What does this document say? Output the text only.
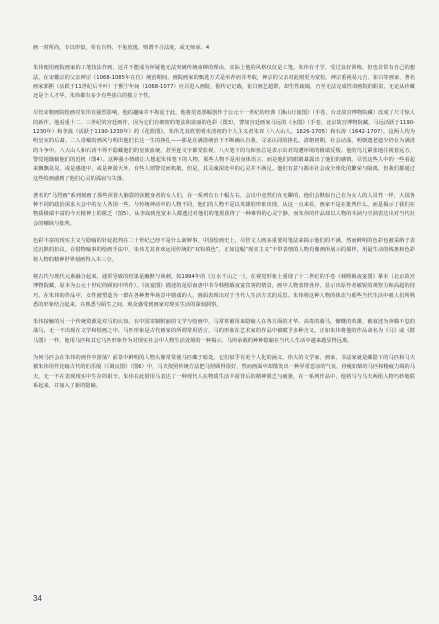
画一时所尚，专以形似，苟有自得，不免放逸，则谓不合法度，或无师承。4

朱伟便用画院画家的工笔技法作画，这并不能成为怀疑他无法突破传统束缚的理由，实际上他的风格仅仅是工笔。朱伟有才学，受过良好训练，但也非常有自己的想法，在宋徽宗的父亲神宗（1068-1085年在位）统治期间，画院画家的甄选方式是举荐而非考取，神宗的父亲对此则更为宽松。神宗重视易元吉、崔白等画家，著名画家郭熙（活跃于11世纪后半叶）于熙宁年间（1068-1077）应召进入画院，据传记记载，崔白画艺超群，却生性疏阔，乃至无法完成性命画院的职责，无论从珍藏还是个人才华，朱伟都有多少有些崔白的独立个性。

尽管宋朝画院绘画对朱伟有强烈影响，他的趣味并不拘泥于此。他将范宽那幅创作于公元十一世纪的经典《溪山行旅图》（手卷，台北故宫博物院藏）改成了尺寸惊人的新作。他看重十二、三世纪的宫廷画作，因为它们有细密的笔法和富丽的色彩（图3），譬如宫廷画家马远的《水图》（手卷，北京故宫博物院藏，马远活跃于1190-1230年）和李嵩（活跃于1190-1230年）的《花篮图》。朱伟尤其欣赏明末清初的个人主义者朱耷（八大山人，1626-1705）和石涛（1642-1707），这两人均为明皇室的后裔。二人奇崛的画风与明出他们长达一生的挣扎——那是在满清统治下不断确认自我、寻求认同的挣扎。清朝初期，社会动荡，明朝遗老遗少仍在为满清的斗争中。八大山人和石涛不得不隐藏他们的皇族血统，甚至连文字都受监视，八大笔下的乌和鱼总是表示出对周遭环境的极端反叛；他的鸟儿紧张地注视着远方，警觉地随截他们的近机（图4）。这种强小情绪让人想起朱伟笔下的人物，那些人物不是用身体语言，而是他们的眼睛暴露出了他们的感情。尽管这些人中的一些看起来飘飘晃晃，或是感迷中，或是神游天外，有些人则警觉而机敏，但是，其灵魂深处中的心灵并不满足。他们有意与都市社会或全球化的繁荣与隔离，但我们都通过这些绘画感到了他们心灵的孤寂与失落。

著名的“马烈画”系列刻画了那些顶着大脑袋的弦健身者的女人们，在一系列有五十幅左右，会议中竟然们在无聊的，他们会默似自己在为女人的人员性一样，大国各种不同的政治需求大会中的女人各国一些。与传统神话中的人物不同，他们的人物不是以英雄的形象出现，从这一点来看，画家不是在批判什么，而是揭示了我们在物质极端丰富的今天精神上的匮乏（图5）。从李嵩到范宽本人都透过对他们的笔墨获得了一种难得的心灵宁静，而朱伟的作品却以人物的木讷与空洞表达出对当代社会的嘲讽与批判。

色彩丰富的现实主义与隐喻的针砭批判在二十世纪已经不是什么新鲜事，中国绘画史上，尽管文人画多重要用笔法来揭示他们的不满，然而鲜明的色彩也被采纳于表达沉默的抗议。在借物喻事的绘画手法中，朱伟尤其喜欢运用传统的“双钩填色”，正如这幅“现实主义”不带表情的人物肖像画所展示的那样，用最生动的线条和色彩将人物的精神世界刻画得入木三分。

将古代与现代元素融合起来，通常导致的结果是幽默与讽刺。如1994年的《万水千山之一》，在视觉形象上重现了十二世纪的手卷《韩熙载夜宴图》摹本（北京故宫博物院藏，原本为公元十世纪的顾闳中所作）。《夜宴图》描述的是原南唐中书令韩熙载夜宴宾客的情景，画中人物表情各异，显示出原作者敏锐的观察力和高超的技巧。在朱伟的作品中，女性被塑造为一群在各种奢华场景中嬉戏的人，画面表现出对于当代人生活方式的反思。朱伟将这种人物的体态与那些当代生活中被人们所熟悉的形象结合起来，在熟悉与陌生之间，观众感受到画家对现实生活的深刻洞察。

朱伟接触的另一个传统资源是对马的认知。在中国寄制附丽的文学与绘画中，马常常被用来隐喻人在各方面的才华。高贵的骑马，慷慨的英雄，被叙述为奔腾不息的战马，无一不出现在文学和绘画之中。马匹形象是古代画家的所谓常用语言，马的形象在艺术家的作品中被赋予多种含义。正如朱伟将他的作品命名为《马》或《群马图》一样，他用马匹和其它马匹形象作为对现实社会中人物生活处境的一种揭示，马所承载的种种隐喻在当代人生活中越来越显得远离。

为何马匹会在朱伟的画作中游荡？前景中鲜明的人物头像常常使马匹藏于暗处。它们似乎有更个人化的涵义，伟大的文学家、画家，书法家就是藏隐下的马匹和马夫被朱伟用作比喻古代的伯乐般（《调良图》（图6）中，马夫按照传统方法把马照顾得很好，然而画面中却散发出一种异常悲凉的气氛，骨瘦如柴的马匹和精疲力竭的马夫，无一不在表现现实中生存的艰辛。朱伟在此借用马表达了一种现代人在物质生活丰盈背后的精神匮乏与疲惫，在一系列作品中，他将马与马夫两组人物巧妙地联系起来，并加入了新的隐喻。

34
